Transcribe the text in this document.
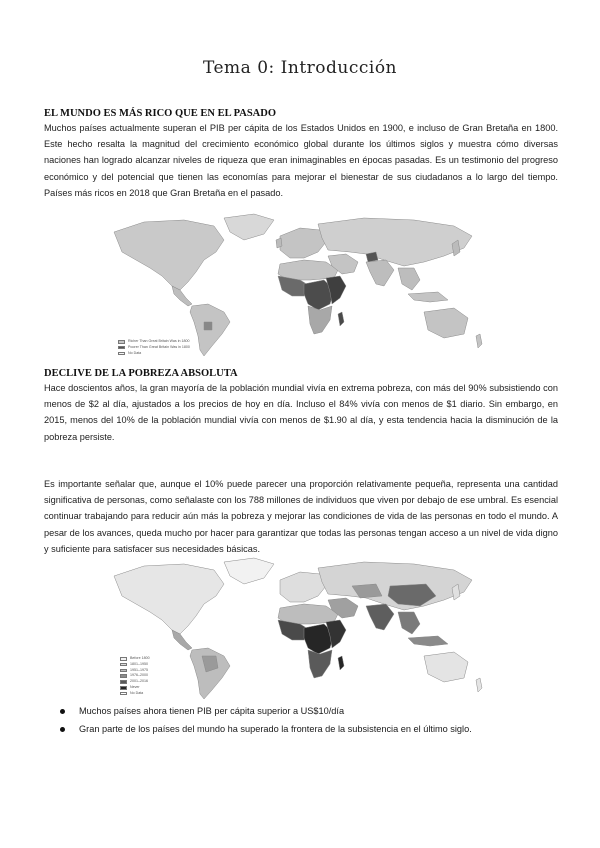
Tema 0: Introducción
EL MUNDO ES MÁS RICO QUE EN EL PASADO

Muchos países actualmente superan el PIB per cápita de los Estados Unidos en 1900, e incluso de Gran Bretaña en 1800. Este hecho resalta la magnitud del crecimiento económico global durante los últimos siglos y muestra cómo diversas naciones han logrado alcanzar niveles de riqueza que eran inimaginables en épocas pasadas. Es un testimonio del progreso económico y del potencial que tienen las economías para mejorar el bienestar de sus ciudadanos a lo largo del tiempo. Países más ricos en 2018 que Gran Bretaña en el pasado.

Richer Than Great Britain Was in 1800
Poorer Than Great Britain Was in 1800
No Data
DECLIVE DE LA POBREZA ABSOLUTA

Hace doscientos años, la gran mayoría de la población mundial vivía en extrema pobreza, con más del 90% subsistiendo con menos de $2 al día, ajustados a los precios de hoy en día. Incluso el 84% vivía con menos de $1 diario. Sin embargo, en 2015, menos del 10% de la población mundial vivía con menos de $1.90 al día, y esta tendencia hacia la disminución de la pobreza persiste.

Es importante señalar que, aunque el 10% puede parecer una proporción relativamente pequeña, representa una cantidad significativa de personas, como señalaste con los 788 millones de individuos que viven por debajo de ese umbral. Es esencial continuar trabajando para reducir aún más la pobreza y mejorar las condiciones de vida de las personas en todo el mundo. A pesar de los avances, queda mucho por hacer para garantizar que todas las personas tengan acceso a un nivel de vida digno y suficiente para satisfacer sus necesidades básicas.

Before 1800
1801–1950
1951–1975
1976–2000
2001–2016
Never
No Data
Muchos países ahora tienen PIB per cápita superior a US$10/día
Gran parte de los países del mundo ha superado la frontera de la subsistencia en el último siglo.
